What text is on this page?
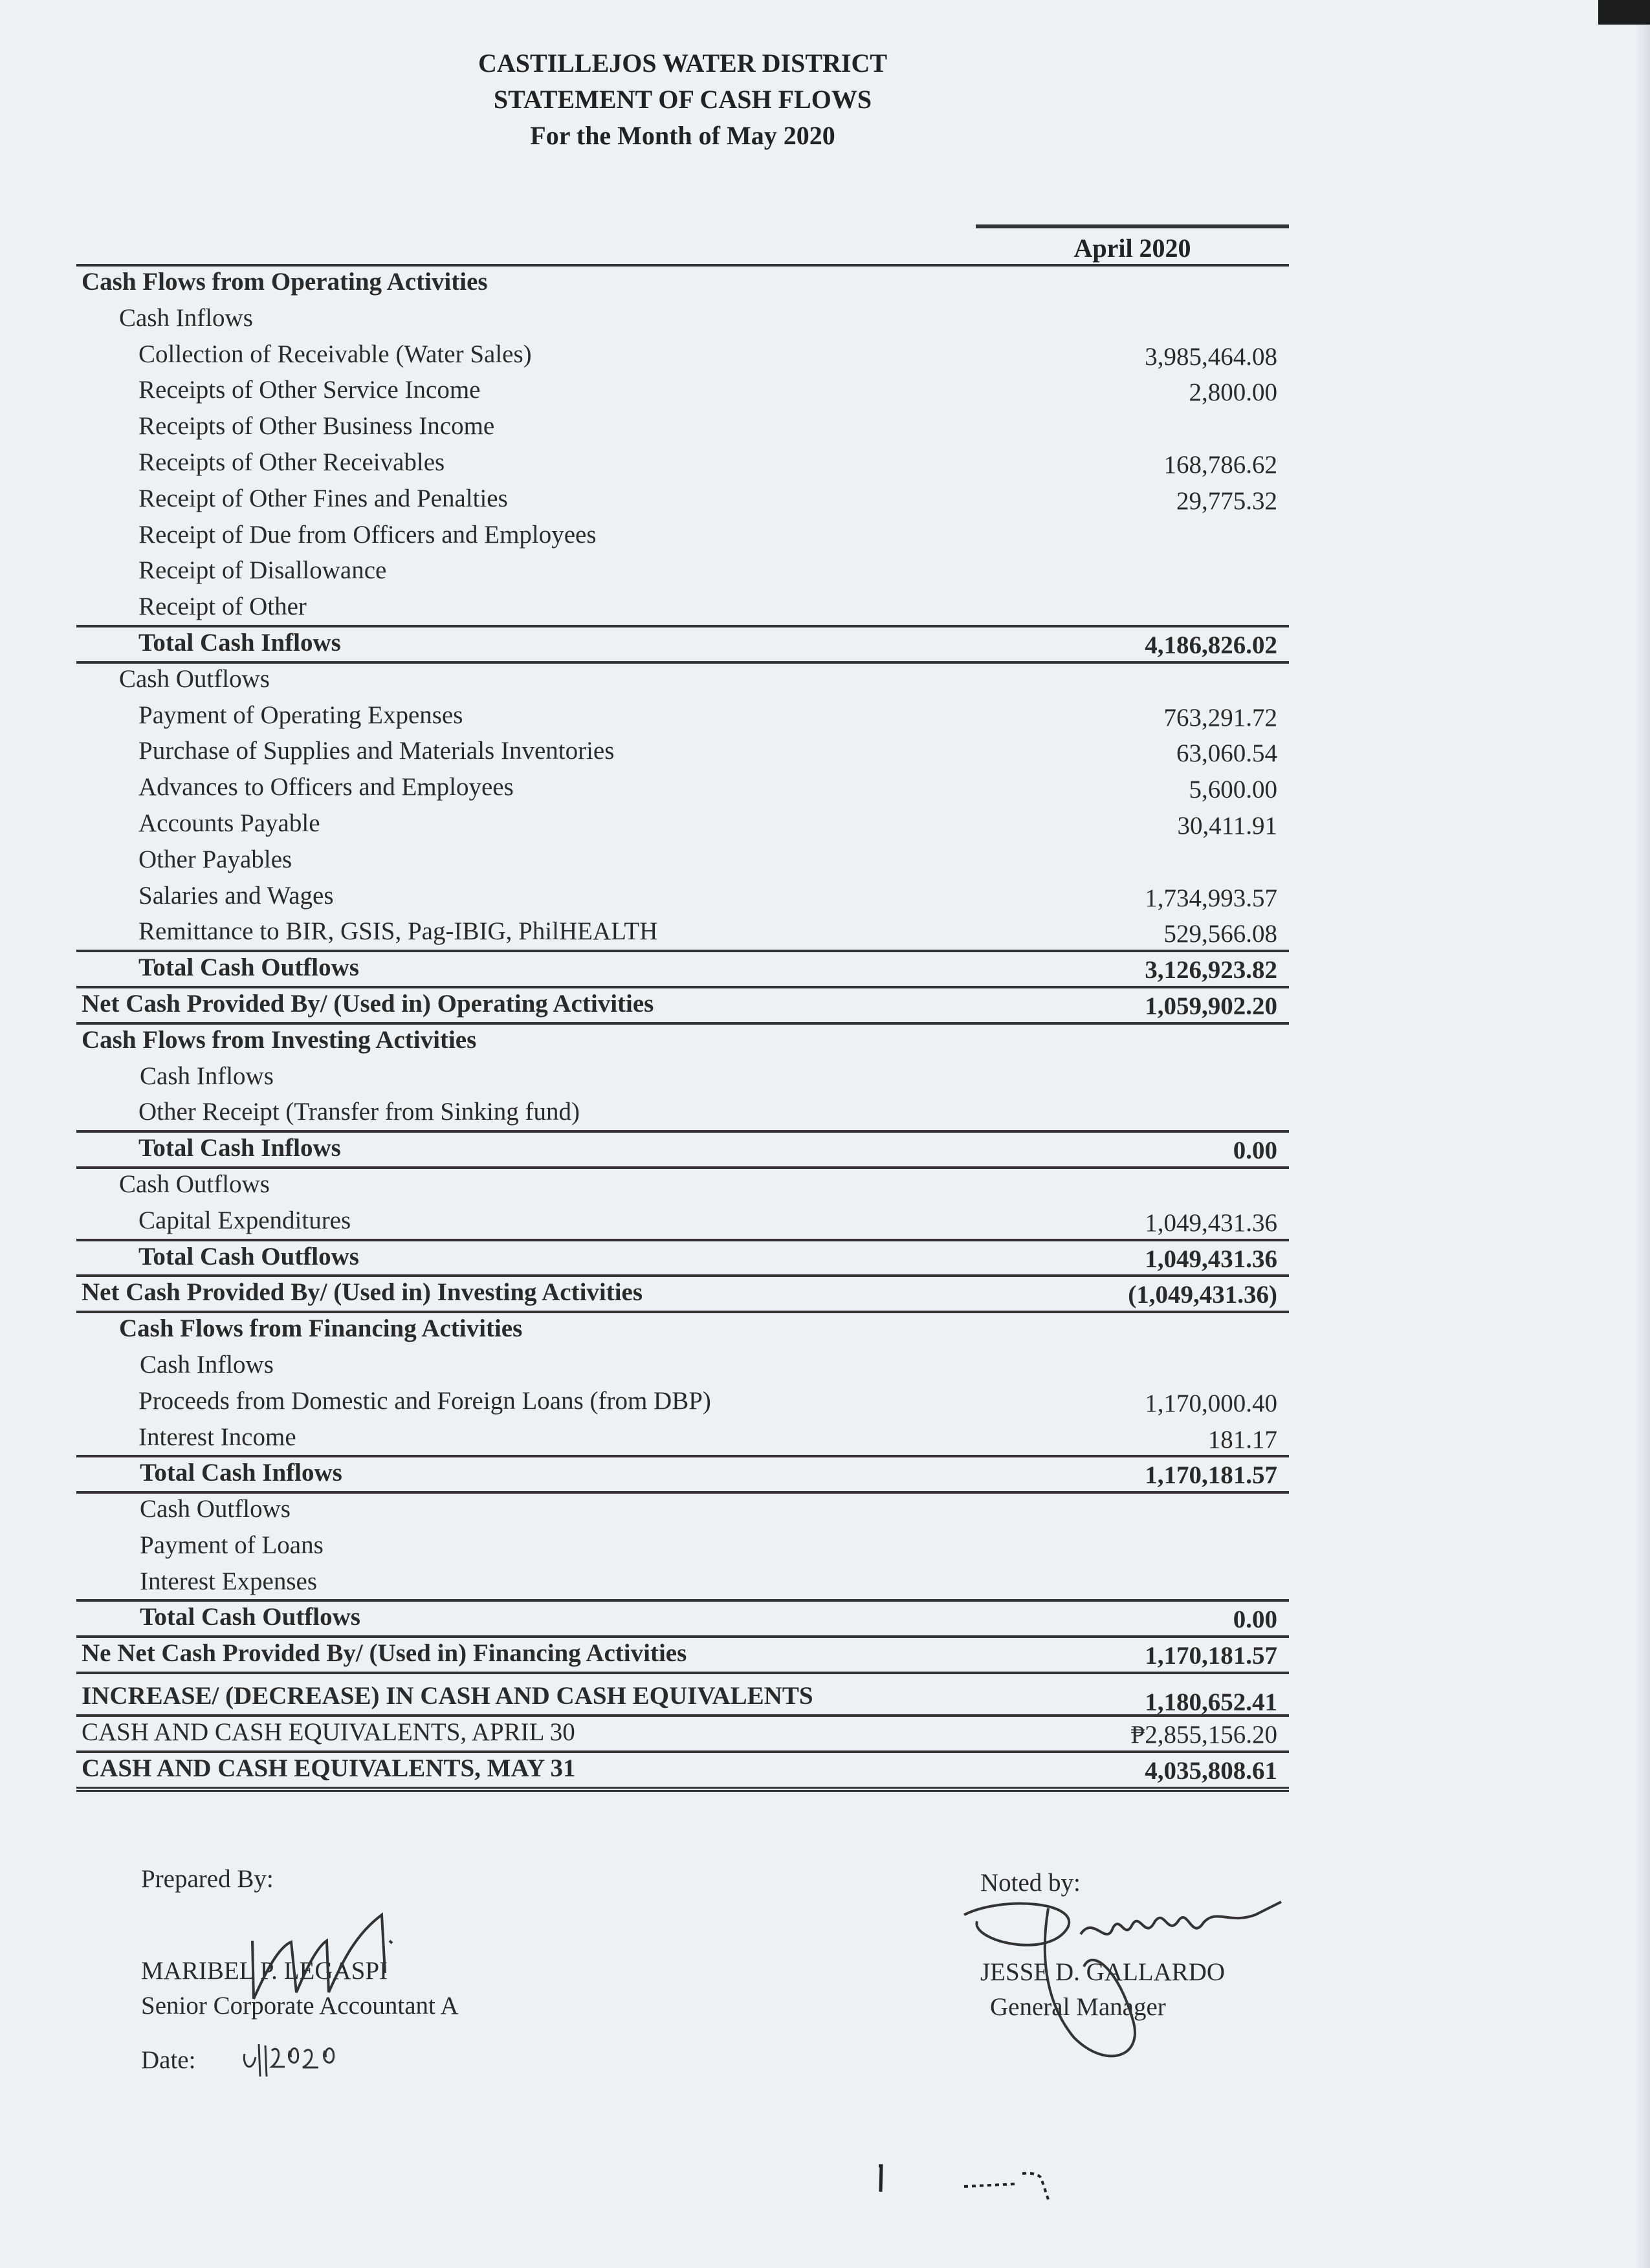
CASTILLEJOS WATER DISTRICT
STATEMENT OF CASH FLOWS
For the Month of May 2020
April 2020
Cash Flows from Operating Activities
Cash Inflows
Collection of Receivable (Water Sales)	3,985,464.08
Receipts of Other Service Income	2,800.00
Receipts of Other Business Income
Receipts of Other Receivables	168,786.62
Receipt of Other Fines and Penalties	29,775.32
Receipt of Due from Officers and Employees
Receipt of Disallowance
Receipt of Other
Total Cash Inflows	4,186,826.02
Cash Outflows
Payment of Operating Expenses	763,291.72
Purchase of Supplies and Materials Inventories	63,060.54
Advances to Officers and Employees	5,600.00
Accounts Payable	30,411.91
Other Payables
Salaries and Wages	1,734,993.57
Remittance to BIR, GSIS, Pag-IBIG, PhilHEALTH	529,566.08
Total Cash Outflows	3,126,923.82
Net Cash Provided By/ (Used in) Operating Activities	1,059,902.20
Cash Flows from Investing Activities
Cash Inflows
Other Receipt (Transfer from Sinking fund)
Total Cash Inflows	0.00
Cash Outflows
Capital Expenditures	1,049,431.36
Total Cash Outflows	1,049,431.36
Net Cash Provided By/ (Used in) Investing Activities	(1,049,431.36)
Cash Flows from Financing Activities
Cash Inflows
Proceeds from Domestic and Foreign Loans (from DBP)	1,170,000.40
Interest Income	181.17
Total Cash Inflows	1,170,181.57
Cash Outflows
Payment of Loans
Interest Expenses
Total Cash Outflows	0.00
Ne Net Cash Provided By/ (Used in) Financing Activities	1,170,181.57
INCREASE/ (DECREASE) IN CASH AND CASH EQUIVALENTS	1,180,652.41
CASH AND CASH EQUIVALENTS, APRIL 30	₱2,855,156.20
CASH AND CASH EQUIVALENTS, MAY 31	4,035,808.61
Prepared By:
MARIBEL P. LEGASPI
Senior Corporate Accountant A
Date:
Noted by:
JESSE D. GALLARDO
General Manager
